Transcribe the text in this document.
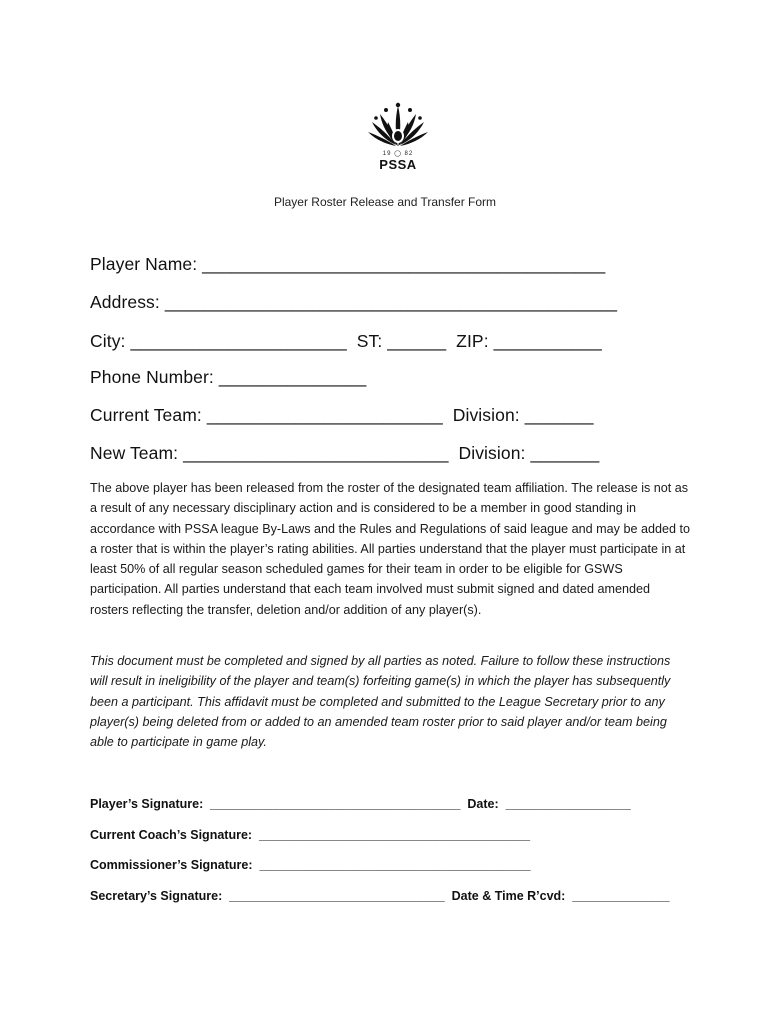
19 ◯ 82
PSSA
Player Roster Release and Transfer Form
Player Name: _________________________________________
Address: ______________________________________________
City: ______________________  ST: ______  ZIP: ___________
Phone Number: _______________
Current Team: ________________________  Division: _______
New Team: ___________________________  Division: _______
The above player has been released from the roster of the designated team affiliation. The release is not as a result of any necessary disciplinary action and is considered to be a member in good standing in accordance with PSSA league By-Laws and the Rules and Regulations of said league and may be added to a roster that is within the player’s rating abilities. All parties understand that the player must participate in at least 50% of all regular season scheduled games for their team in order to be eligible for GSWS participation. All parties understand that each team involved must submit signed and dated amended rosters reflecting the transfer, deletion and/or addition of any player(s).
This document must be completed and signed by all parties as noted. Failure to follow these instructions will result in ineligibility of the player and team(s) forfeiting game(s) in which the player has subsequently been a participant. This affidavit must be completed and submitted to the League Secretary prior to any player(s) being deleted from or added to an amended team roster prior to said player and/or team being able to participate in game play.
Player’s Signature:  ____________________________________  Date:  __________________
Current Coach’s Signature:  _______________________________________
Commissioner’s Signature:  _______________________________________
Secretary’s Signature:  _______________________________  Date & Time R’cvd:  ______________
